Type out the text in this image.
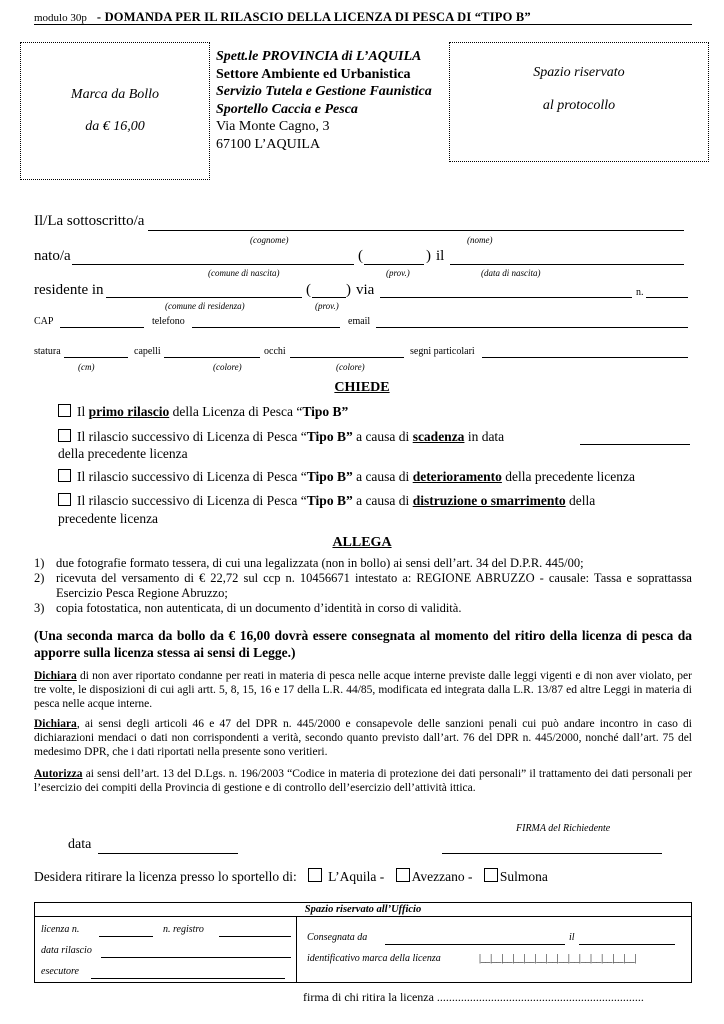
modulo 30p - DOMANDA PER IL RILASCIO DELLA LICENZA DI PESCA DI “TIPO B”
Marca da Bollo
da € 16,00
Spett.le PROVINCIA di L’AQUILA
Settore Ambiente ed Urbanistica
Servizio Tutela e Gestione Faunistica
Sportello Caccia e Pesca
Via Monte Cagno, 3
67100 L’AQUILA
Spazio riservato
al protocollo
Il/La sottoscritto/a
(cognome)	(nome)
nato/a	(	) il
(comune di nascita)	(prov.)	(data di nascita)
residente in	( ) via	n.
(comune di residenza)	(prov.)
CAP	telefono	email
statura	capelli	occhi	segni particolari
(cm)	(colore)	(colore)
CHIEDE
Il primo rilascio della Licenza di Pesca “Tipo B”
Il rilascio successivo di Licenza di Pesca “Tipo B” a causa di scadenza in data
della precedente licenza
Il rilascio successivo di Licenza di Pesca “Tipo B” a causa di deterioramento della precedente licenza
Il rilascio successivo di Licenza di Pesca “Tipo B” a causa di distruzione o smarrimento della
precedente licenza
ALLEGA
1) due fotografie formato tessera, di cui una legalizzata (non in bollo) ai sensi dell’art. 34 del D.P.R. 445/00;
2) ricevuta del versamento di € 22,72 sul ccp n. 10456671 intestato a: REGIONE ABRUZZO - causale: Tassa e soprattassa Esercizio Pesca Regione Abruzzo;
3) copia fotostatica, non autenticata, di un documento d’identità in corso di validità.
(Una seconda marca da bollo da € 16,00 dovrà essere consegnata al momento del ritiro della licenza di pesca da apporre sulla licenza stessa ai sensi di Legge.)
Dichiara di non aver riportato condanne per reati in materia di pesca nelle acque interne previste dalle leggi vigenti e di non aver violato, per tre volte, le disposizioni di cui agli artt. 5, 8, 15, 16 e 17 della L.R. 44/85, modificata ed integrata dalla L.R. 13/87 ed altre Leggi in materia di pesca nelle acque interne.
Dichiara, ai sensi degli articoli 46 e 47 del DPR n. 445/2000 e consapevole delle sanzioni penali cui può andare incontro in caso di dichiarazioni mendaci o dati non corrispondenti a verità, secondo quanto previsto dall’art. 76 del DPR n. 445/2000, nonché dall’art. 75 del medesimo DPR, che i dati riportati nella presente sono veritieri.
Autorizza ai sensi dell’art. 13 del D.Lgs. n. 196/2003 “Codice in materia di protezione dei dati personali” il trattamento dei dati personali per l’esercizio dei compiti della Provincia di gestione e di controllo dell’esercizio dell’attività ittica.
FIRMA del Richiedente
data
Desidera ritirare la licenza presso lo sportello di: L’Aquila - Avezzano - Sulmona
Spazio riservato all’Ufficio
licenza n.	n. registro
data rilascio
esecutore
Consegnata da	il
identificativo marca della licenza	|__|__|__|__|__|__|__|__|__|__|__|__|__|__|
firma di chi ritira la licenza .....................................................................
